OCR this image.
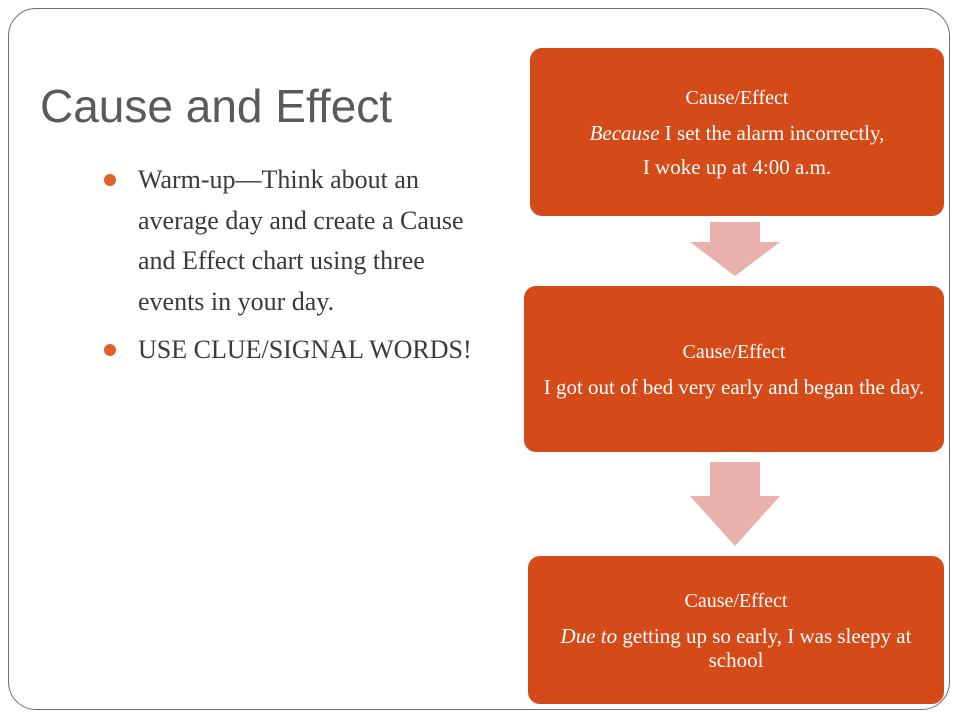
Cause and Effect
Warm-up—Think about an average day and create a Cause and Effect chart using three events in your day.
USE CLUE/SIGNAL WORDS!
Cause/Effect
Because I set the alarm incorrectly,
I woke up at 4:00 a.m.
Cause/Effect
I got out of bed very early and began the day.
Cause/Effect
Due to getting up so early, I was sleepy at school
